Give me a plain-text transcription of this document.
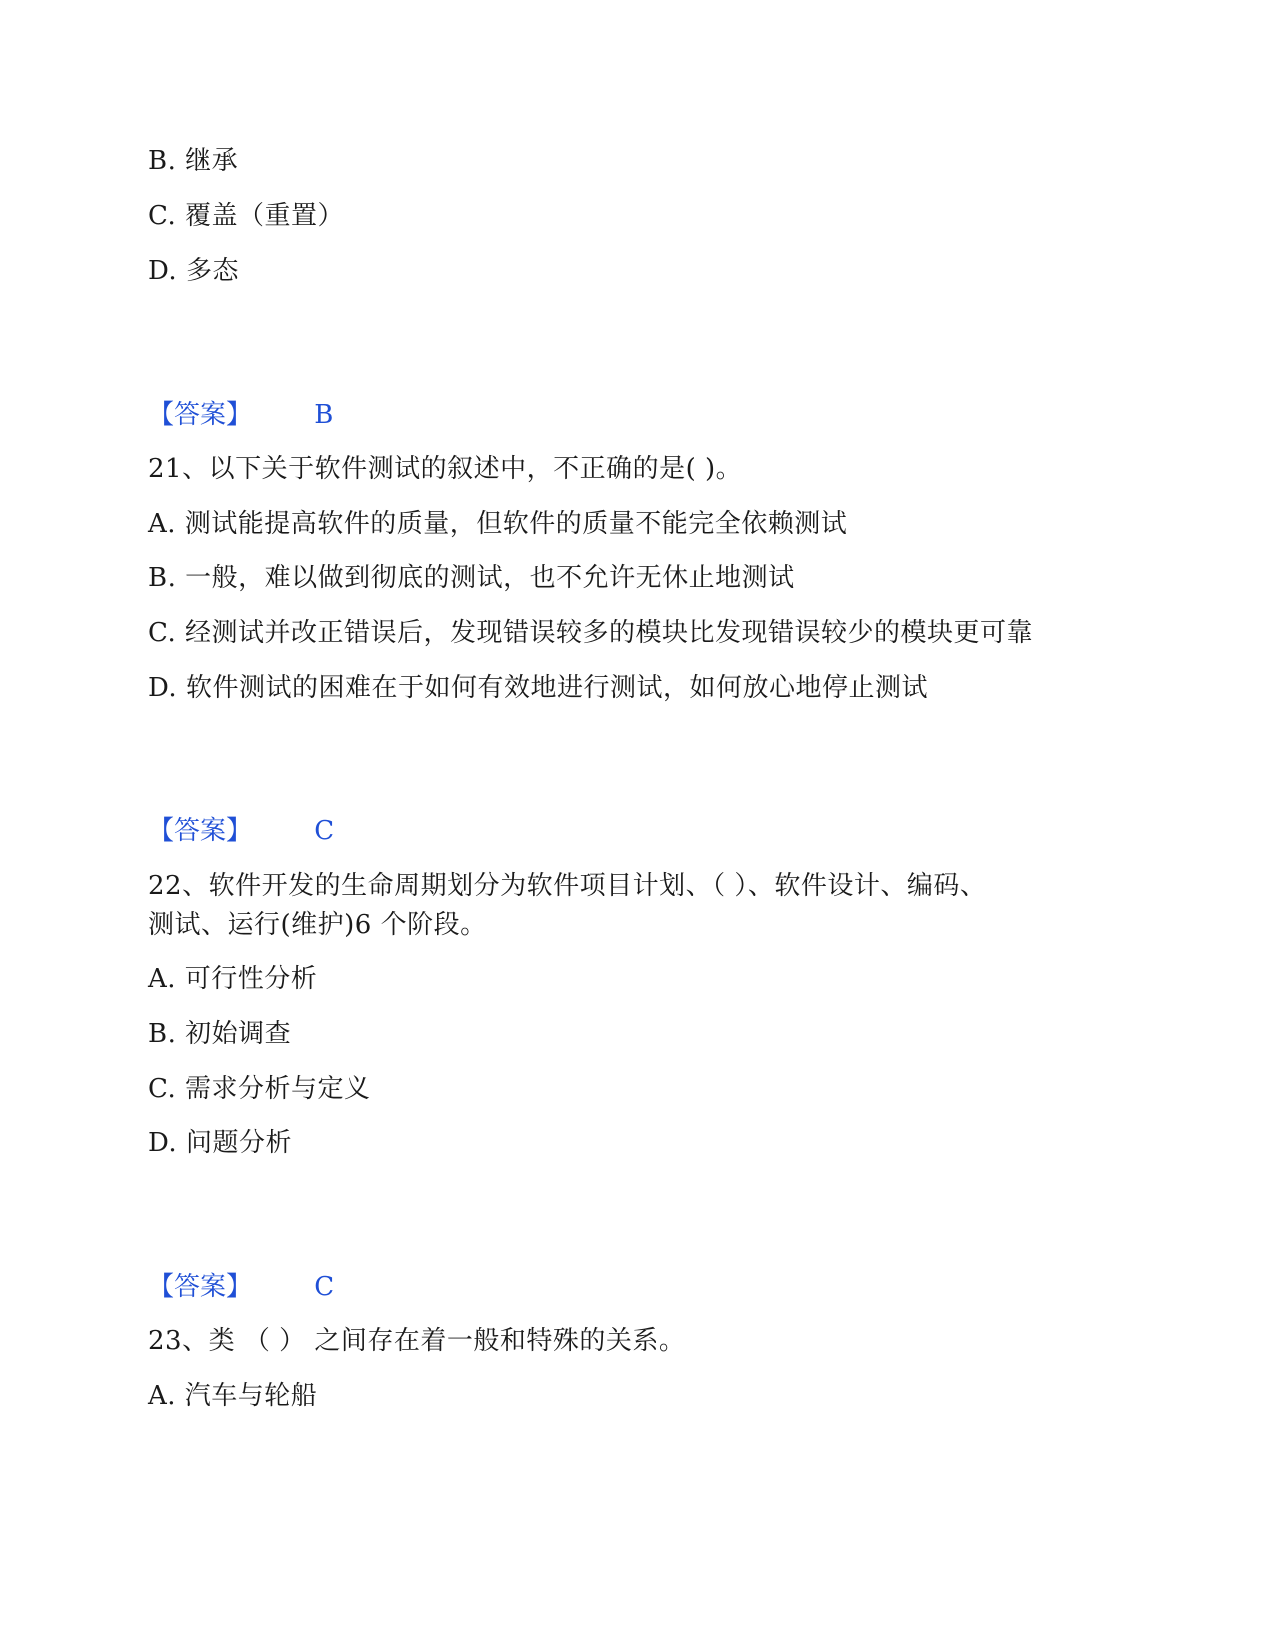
B. 继承
C. 覆盖（重置）
D. 多态
【答案】 B
21、以下关于软件测试的叙述中，不正确的是( )。
A. 测试能提高软件的质量，但软件的质量不能完全依赖测试
B. 一般，难以做到彻底的测试，也不允许无休止地测试
C. 经测试并改正错误后，发现错误较多的模块比发现错误较少的模块更可靠
D. 软件测试的困难在于如何有效地进行测试，如何放心地停止测试
【答案】 C
22、软件开发的生命周期划分为软件项目计划、（ ）、软件设计、编码、
测试、运行(维护)6 个阶段。
A. 可行性分析
B. 初始调查
C. 需求分析与定义
D. 问题分析
【答案】 C
23、类 （ ） 之间存在着一般和特殊的关系。
A. 汽车与轮船
